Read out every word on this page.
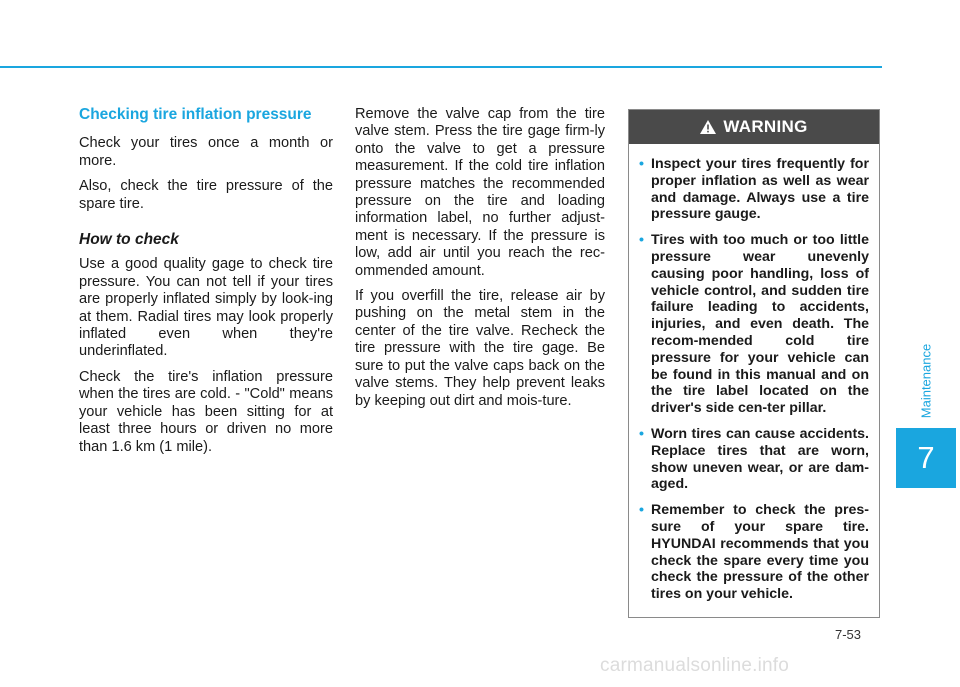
Checking tire inflation pressure

Check your tires once a month or more.

Also, check the tire pressure of the spare tire.

How to check

Use a good quality gage to check tire pressure. You can not tell if your tires are properly inflated simply by look-ing at them. Radial tires may look properly inflated even when they're underinflated.

Check the tire's inflation pressure when the tires are cold. - "Cold" means your vehicle has been sitting for at least three hours or driven no more than 1.6 km (1 mile).

Remove the valve cap from the tire valve stem. Press the tire gage firm-ly onto the valve to get a pressure measurement. If the cold tire inflation pressure matches the recommended pressure on the tire and loading information label, no further adjust-ment is necessary. If the pressure is low, add air until you reach the rec-ommended amount.

If you overfill the tire, release air by pushing on the metal stem in the center of the tire valve. Recheck the tire pressure with the tire gage. Be sure to put the valve caps back on the valve stems. They help prevent leaks by keeping out dirt and mois-ture.

WARNING
• Inspect your tires frequently for proper inflation as well as wear and damage. Always use a tire pressure gauge.
• Tires with too much or too little pressure wear unevenly causing poor handling, loss of vehicle control, and sudden tire failure leading to accidents, injuries, and even death. The recom-mended cold tire pressure for your vehicle can be found in this manual and on the tire label located on the driver's side cen-ter pillar.
• Worn tires can cause accidents. Replace tires that are worn, show uneven wear, or are dam-aged.
• Remember to check the pres-sure of your spare tire. HYUNDAI recommends that you check the spare every time you check the pressure of the other tires on your vehicle.
Maintenance
7
7-53
carmanualsonline.info
